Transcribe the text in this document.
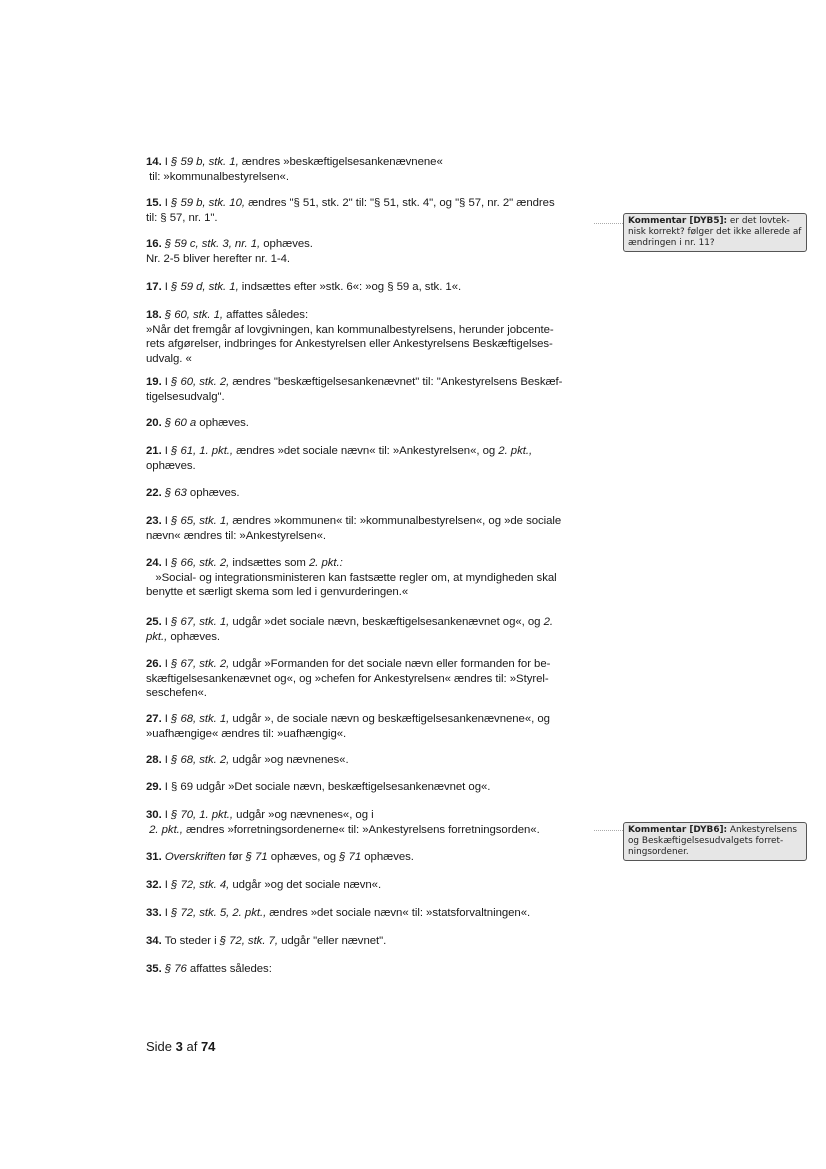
14. I § 59 b, stk. 1, ændres »beskæftigelsesankenævnene«
til: »kommunalbestyrelsen«.
15. I § 59 b, stk. 10, ændres "§ 51, stk. 2" til: "§ 51, stk. 4", og "§ 57, nr. 2" ændres
til: § 57, nr. 1".
16. § 59 c, stk. 3, nr. 1, ophæves.
Nr. 2-5 bliver herefter nr. 1-4.
17. I § 59 d, stk. 1, indsættes efter »stk. 6«: »og § 59 a, stk. 1«.
18. § 60, stk. 1, affattes således:
»Når det fremgår af lovgivningen, kan kommunalbestyrelsens, herunder jobcente-
rets afgørelser, indbringes for Ankestyrelsen eller Ankestyrelsens Beskæftigelses-
udvalg. «
19. I § 60, stk. 2, ændres "beskæftigelsesankenævnet" til: "Ankestyrelsens Beskæf-
tigelsesudvalg".
20. § 60 a ophæves.
21. I § 61, 1. pkt., ændres »det sociale nævn« til: »Ankestyrelsen«, og 2. pkt.,
ophæves.
22. § 63 ophæves.
23. I § 65, stk. 1, ændres »kommunen« til: »kommunalbestyrelsen«, og »de sociale
nævn« ændres til: »Ankestyrelsen«.
24. I § 66, stk. 2, indsættes som 2. pkt.:
»Social- og integrationsministeren kan fastsætte regler om, at myndigheden skal
benytte et særligt skema som led i genvurderingen.«
25. I § 67, stk. 1, udgår »det sociale nævn, beskæftigelsesankenævnet og«, og 2.
pkt., ophæves.
26. I § 67, stk. 2, udgår »Formanden for det sociale nævn eller formanden for be-
skæftigelsesankenævnet og«, og »chefen for Ankestyrelsen« ændres til: »Styrel-
seschefen«.
27. I § 68, stk. 1, udgår », de sociale nævn og beskæftigelsesankenævnene«, og
»uafhængige« ændres til: »uafhængig«.
28. I § 68, stk. 2, udgår »og nævnenes«.
29. I § 69 udgår »Det sociale nævn, beskæftigelsesankenævnet og«.
30. I § 70, 1. pkt., udgår »og nævnenes«, og i
2. pkt., ændres »forretningsordenerne« til: »Ankestyrelsens forretningsorden«.
31. Overskriften før § 71 ophæves, og § 71 ophæves.
32. I § 72, stk. 4, udgår »og det sociale nævn«.
33. I § 72, stk. 5, 2. pkt., ændres »det sociale nævn« til: »statsforvaltningen«.
34. To steder i § 72, stk. 7, udgår "eller nævnet".
35. § 76 affattes således:
Kommentar [DYB5]: er det lovtek-
nisk korrekt? følger det ikke allerede af
ændringen i nr. 11?
Kommentar [DYB6]: Ankestyrelsens
og Beskæftigelsesudvalgets forret-
ningsordener.
Side 3 af 74
